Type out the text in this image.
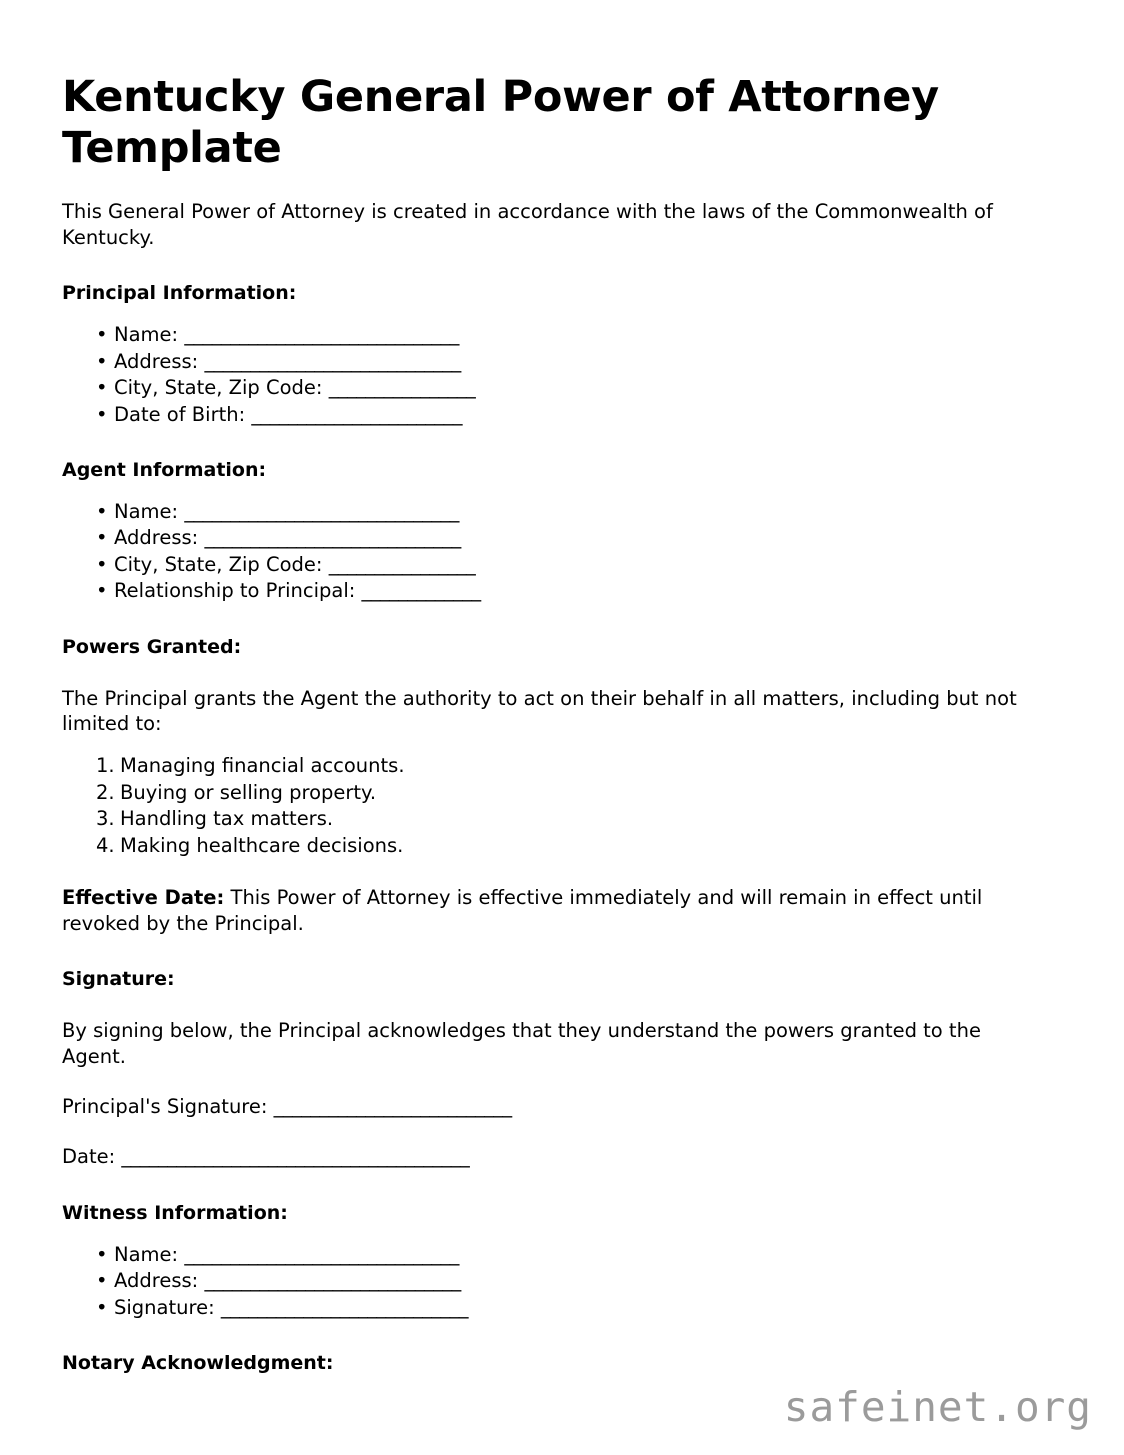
Kentucky General Power of Attorney Template

This General Power of Attorney is created in accordance with the laws of the Commonwealth of Kentucky.

Principal Information:
• Name: ______________________________
• Address: ____________________________
• City, State, Zip Code: ________________
• Date of Birth: _______________________
Agent Information:
• Name: ______________________________
• Address: ____________________________
• City, State, Zip Code: ________________
• Relationship to Principal: _____________
Powers Granted:

The Principal grants the Agent the authority to act on their behalf in all matters, including but not limited to:

Managing financial accounts.
Buying or selling property.
Handling tax matters.
Making healthcare decisions.

Effective Date: This Power of Attorney is effective immediately and will remain in effect until revoked by the Principal.

Signature:

By signing below, the Principal acknowledges that they understand the powers granted to the Agent.

Principal's Signature: __________________________

Date: ______________________________________

Witness Information:
• Name: ______________________________
• Address: ____________________________
• Signature: ___________________________
Notary Acknowledgment:
safeinet.org
